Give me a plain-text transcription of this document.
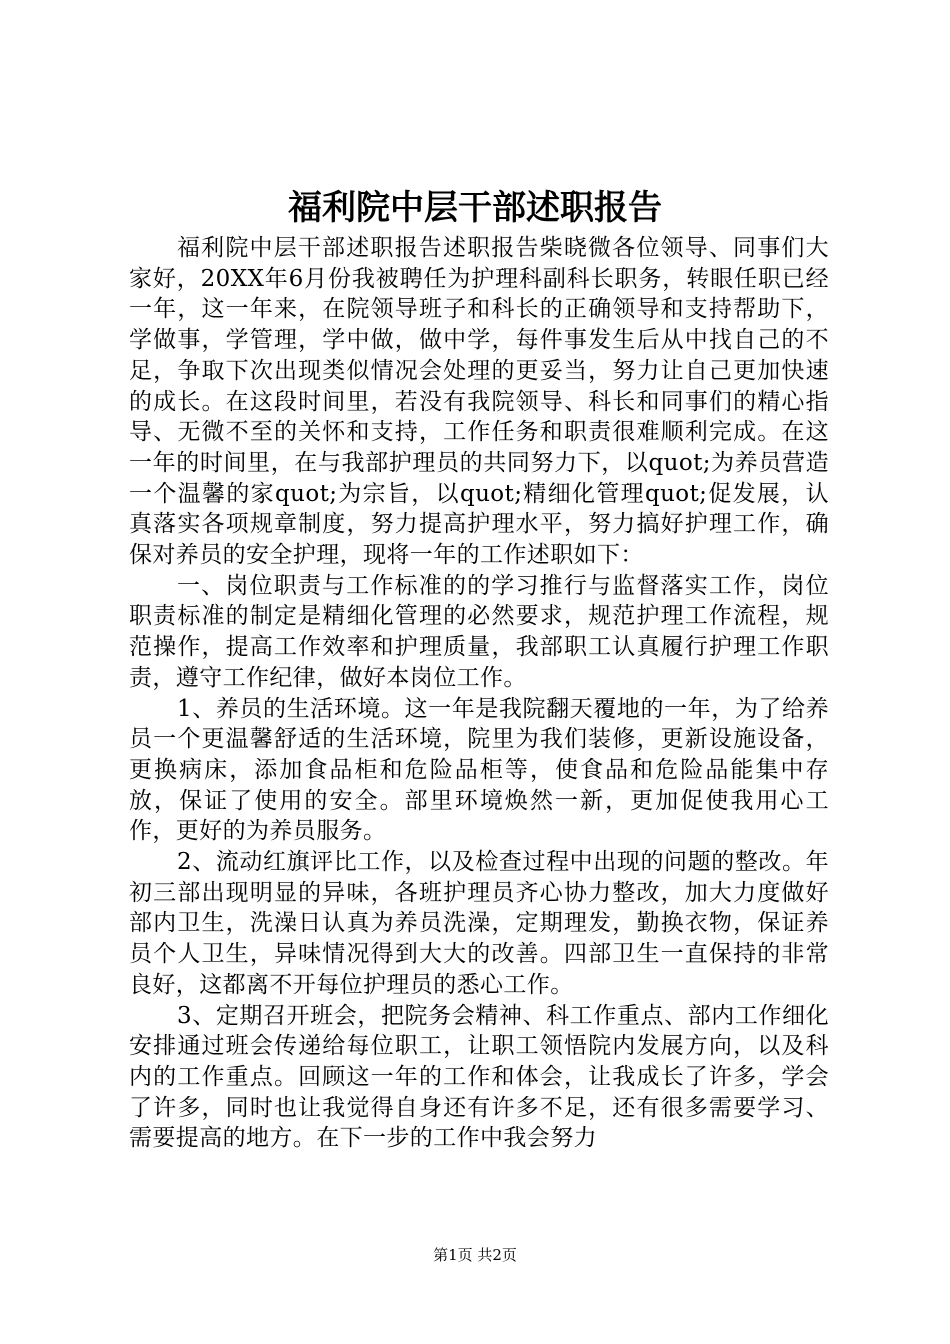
福利院中层干部述职报告

福利院中层干部述职报告述职报告柴晓微各位领导、同事们大家好，20XX年6月份我被聘任为护理科副科长职务，转眼任职已经一年，这一年来，在院领导班子和科长的正确领导和支持帮助下，学做事，学管理，学中做，做中学，每件事发生后从中找自己的不足，争取下次出现类似情况会处理的更妥当，努力让自己更加快速的成长。在这段时间里，若没有我院领导、科长和同事们的精心指导、无微不至的关怀和支持，工作任务和职责很难顺利完成。在这一年的时间里，在与我部护理员的共同努力下，以quot;为养员营造一个温馨的家quot;为宗旨，以quot;精细化管理quot;促发展，认真落实各项规章制度，努力提高护理水平，努力搞好护理工作，确保对养员的安全护理，现将一年的工作述职如下：

一、岗位职责与工作标准的的学习推行与监督落实工作，岗位职责标准的制定是精细化管理的必然要求，规范护理工作流程，规范操作，提高工作效率和护理质量，我部职工认真履行护理工作职责，遵守工作纪律，做好本岗位工作。

1、养员的生活环境。这一年是我院翻天覆地的一年，为了给养员一个更温馨舒适的生活环境，院里为我们装修，更新设施设备，更换病床，添加食品柜和危险品柜等，使食品和危险品能集中存放，保证了使用的安全。部里环境焕然一新，更加促使我用心工作，更好的为养员服务。

2、流动红旗评比工作，以及检查过程中出现的问题的整改。年初三部出现明显的异味，各班护理员齐心协力整改，加大力度做好部内卫生，洗澡日认真为养员洗澡，定期理发，勤换衣物，保证养员个人卫生，异味情况得到大大的改善。四部卫生一直保持的非常良好，这都离不开每位护理员的悉心工作。

3、定期召开班会，把院务会精神、科工作重点、部内工作细化安排通过班会传递给每位职工，让职工领悟院内发展方向，以及科内的工作重点。回顾这一年的工作和体会，让我成长了许多，学会了许多，同时也让我觉得自身还有许多不足，还有很多需要学习、需要提高的地方。在下一步的工作中我会努力

第1页 共2页
